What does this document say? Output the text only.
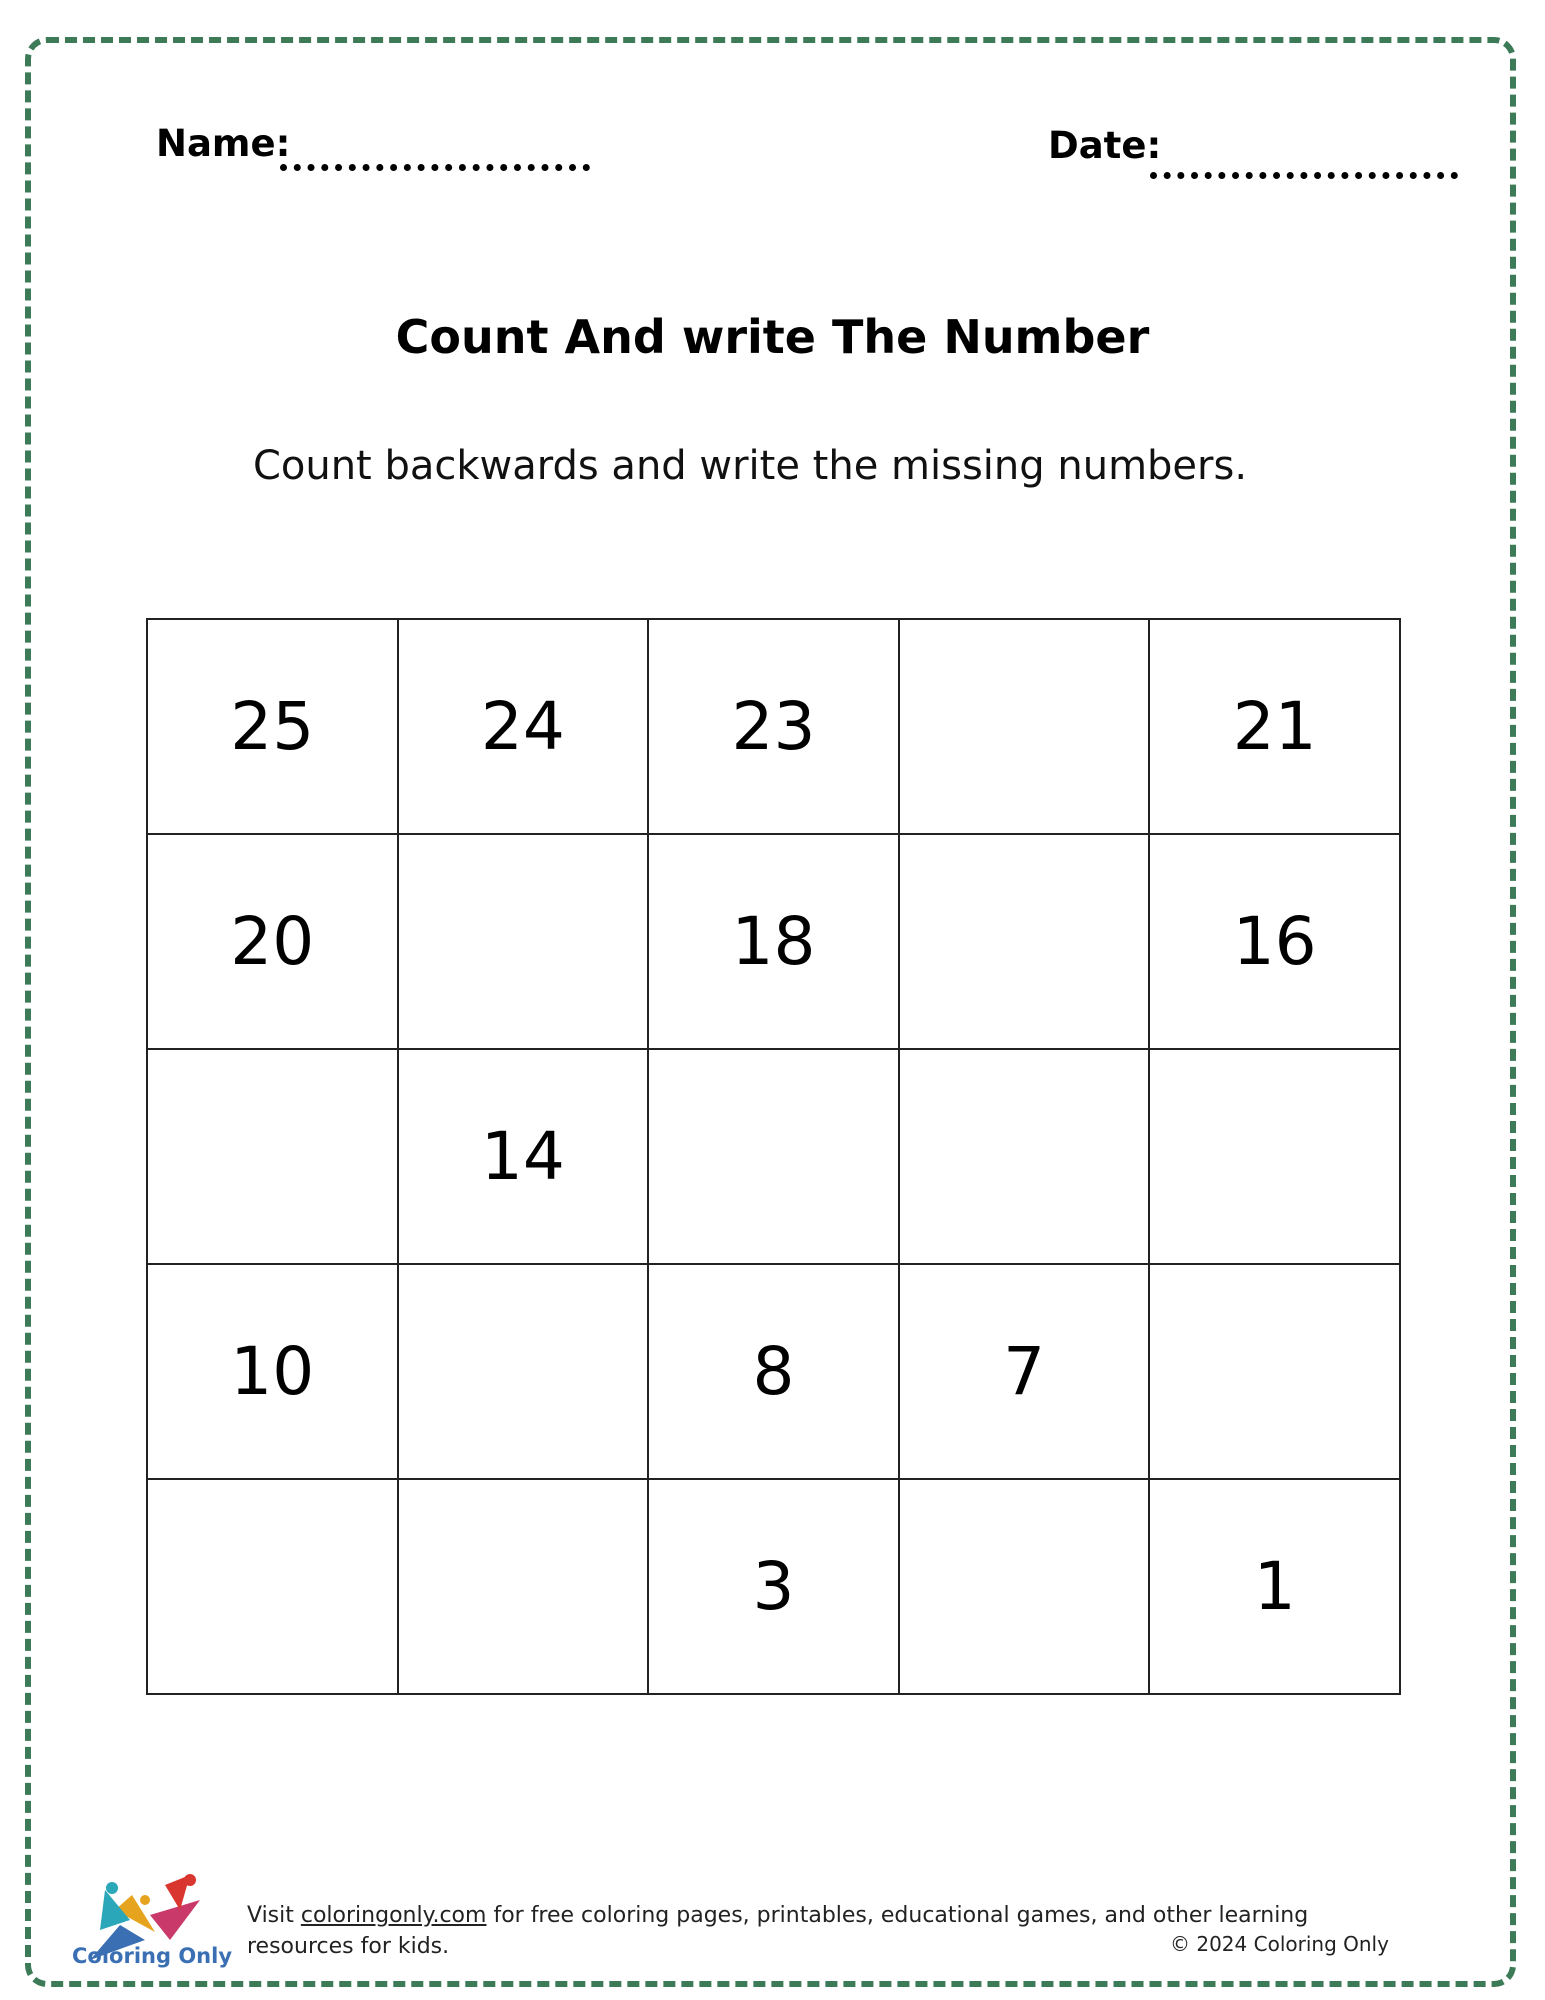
Name:	Date:
Count And write The Number
Count backwards and write the missing numbers.
25	24	23		21
20		18		16
	14			
10		8	7	
		3		1
Coloring Only
Visit coloringonly.com for free coloring pages, printables, educational games, and other learning resources for kids.	© 2024 Coloring Only
